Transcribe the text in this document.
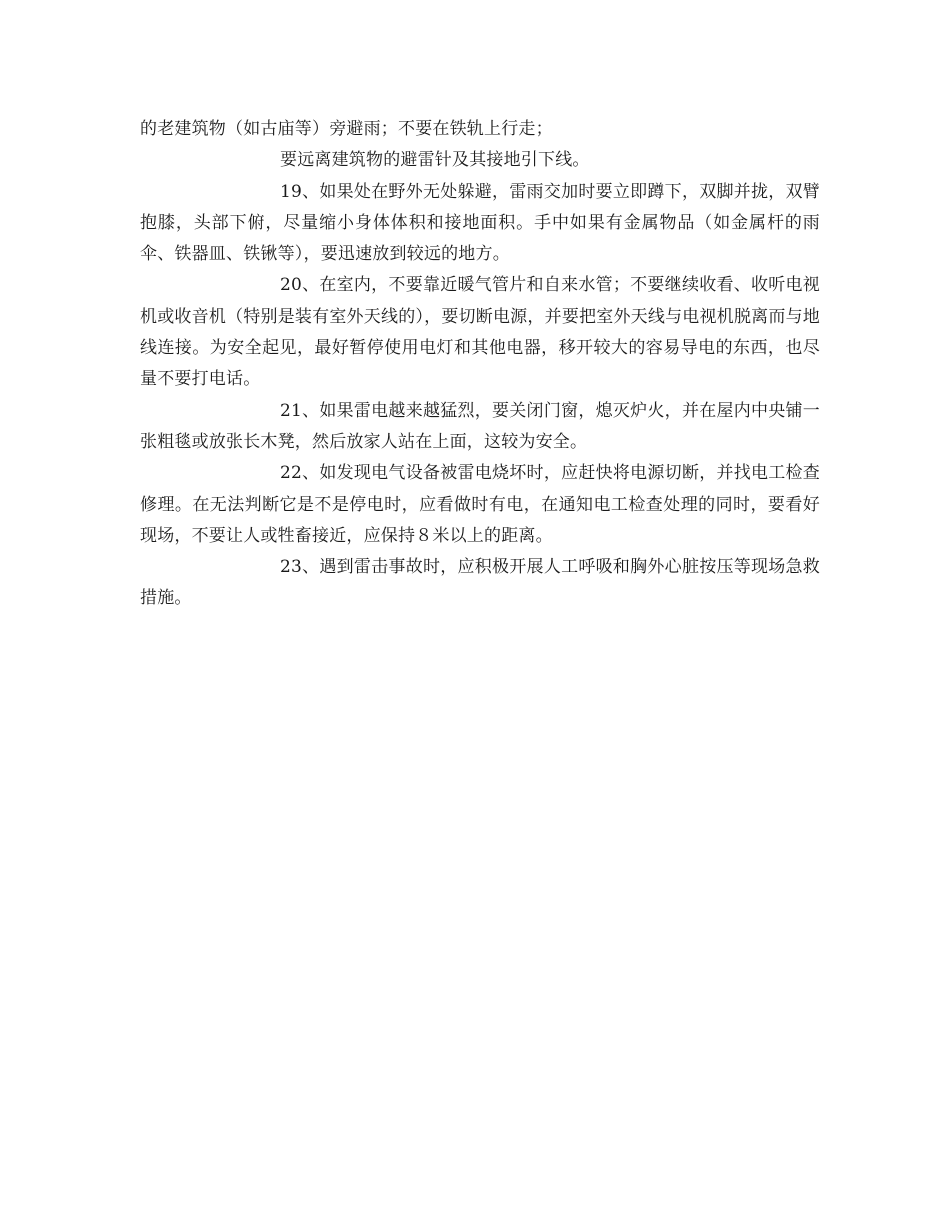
的老建筑物（如古庙等）旁避雨；不要在铁轨上行走；

要远离建筑物的避雷针及其接地引下线。

19、如果处在野外无处躲避，雷雨交加时要立即蹲下，双脚并拢，双臂抱膝，头部下俯，尽量缩小身体体积和接地面积。手中如果有金属物品（如金属杆的雨伞、铁器皿、铁锹等），要迅速放到较远的地方。

20、在室内，不要靠近暖气管片和自来水管；不要继续收看、收听电视机或收音机（特别是装有室外天线的），要切断电源，并要把室外天线与电视机脱离而与地线连接。为安全起见，最好暂停使用电灯和其他电器，移开较大的容易导电的东西，也尽量不要打电话。

21、如果雷电越来越猛烈，要关闭门窗，熄灭炉火，并在屋内中央铺一张粗毯或放张长木凳，然后放家人站在上面，这较为安全。

22、如发现电气设备被雷电烧坏时，应赶快将电源切断，并找电工检查修理。在无法判断它是不是停电时，应看做时有电，在通知电工检查处理的同时，要看好现场，不要让人或牲畜接近，应保持８米以上的距离。

23、遇到雷击事故时，应积极开展人工呼吸和胸外心脏按压等现场急救措施。
